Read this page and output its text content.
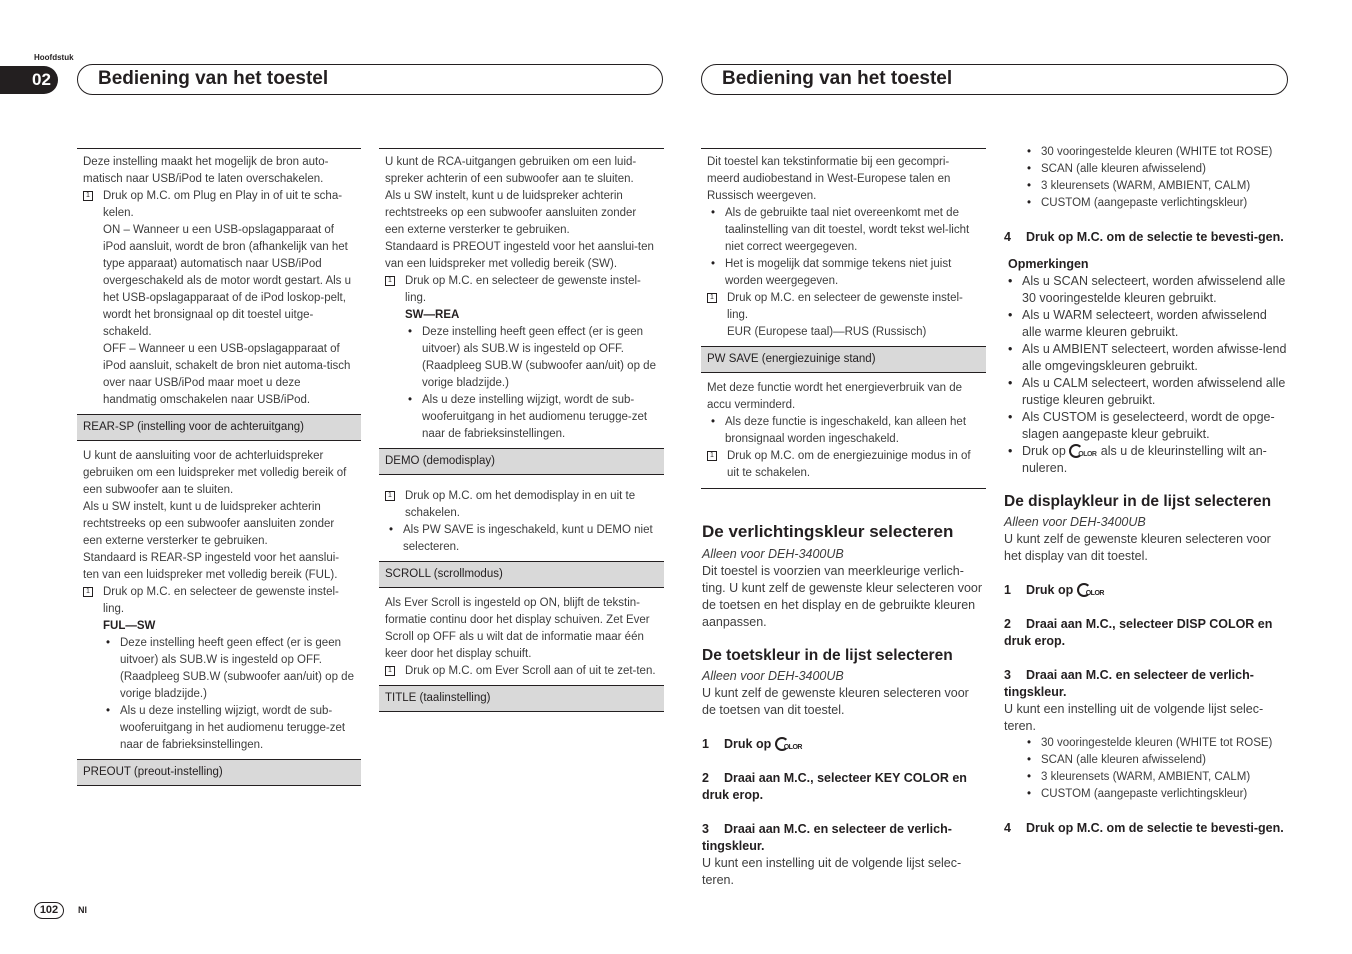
Hoofdstuk
02	Bediening van het toestel	Bediening van het toestel
Deze instelling maakt het mogelijk de bron auto-matisch naar USB/iPod te laten overschakelen.
1 Druk op M.C. om Plug en Play in of uit te scha-kelen.
ON – Wanneer u een USB-opslagapparaat of iPod aansluit, wordt de bron (afhankelijk van het type apparaat) automatisch naar USB/iPod overgeschakeld als de motor wordt gestart. Als u het USB-opslagapparaat of de iPod loskop-pelt, wordt het bronsignaal op dit toestel uitge-schakeld.
OFF – Wanneer u een USB-opslagapparaat of iPod aansluit, schakelt de bron niet automa-tisch over naar USB/iPod maar moet u deze handmatig omschakelen naar USB/iPod.
REAR-SP (instelling voor de achteruitgang)
U kunt de aansluiting voor de achterluidspreker gebruiken om een luidspreker met volledig bereik of een subwoofer aan te sluiten.
Als u SW instelt, kunt u de luidspreker achterin rechtstreeks op een subwoofer aansluiten zonder een externe versterker te gebruiken.
Standaard is REAR-SP ingesteld voor het aanslui-ten van een luidspreker met volledig bereik (FUL).
1 Druk op M.C. en selecteer de gewenste instel-ling.
FUL—SW
• Deze instelling heeft geen effect (er is geen uitvoer) als SUB.W is ingesteld op OFF. (Raadpleeg SUB.W (subwoofer aan/uit) op de vorige bladzijde.)
• Als u deze instelling wijzigt, wordt de sub-wooferuitgang in het audiomenu terugge-zet naar de fabrieksinstellingen.
PREOUT (preout-instelling)
U kunt de RCA-uitgangen gebruiken om een luid-spreker achterin of een subwoofer aan te sluiten.
Als u SW instelt, kunt u de luidspreker achterin rechtstreeks op een subwoofer aansluiten zonder een externe versterker te gebruiken.
Standaard is PREOUT ingesteld voor het aanslui-ten van een luidspreker met volledig bereik (SW).
1 Druk op M.C. en selecteer de gewenste instel-ling.
SW—REA
• Deze instelling heeft geen effect (er is geen uitvoer) als SUB.W is ingesteld op OFF. (Raadpleeg SUB.W (subwoofer aan/uit) op de vorige bladzijde.)
• Als u deze instelling wijzigt, wordt de sub-wooferuitgang in het audiomenu terugge-zet naar de fabrieksinstellingen.
DEMO (demodisplay)
1 Druk op M.C. om het demodisplay in en uit te schakelen.
• Als PW SAVE is ingeschakeld, kunt u DEMO niet selecteren.
SCROLL (scrollmodus)
Als Ever Scroll is ingesteld op ON, blijft de tekstin-formatie continu door het display schuiven. Zet Ever Scroll op OFF als u wilt dat de informatie maar één keer door het display schuift.
1 Druk op M.C. om Ever Scroll aan of uit te zet-ten.
TITLE (taalinstelling)
Dit toestel kan tekstinformatie bij een gecompri-meerd audiobestand in West-Europese talen en Russisch weergeven.
• Als de gebruikte taal niet overeenkomt met de taalinstelling van dit toestel, wordt tekst wel-licht niet correct weergegeven.
• Het is mogelijk dat sommige tekens niet juist worden weergegeven.
1 Druk op M.C. en selecteer de gewenste instel-ling.
EUR (Europese taal)—RUS (Russisch)
PW SAVE (energiezuinige stand)
Met deze functie wordt het energieverbruik van de accu verminderd.
• Als deze functie is ingeschakeld, kan alleen het bronsignaal worden ingeschakeld.
1 Druk op M.C. om de energiezuinige modus in of uit te schakelen.
De verlichtingskleur selecteren
Alleen voor DEH-3400UB
Dit toestel is voorzien van meerkleurige verlich-ting. U kunt zelf de gewenste kleur selecteren voor de toetsen en het display en de gebruikte kleuren aanpassen.
De toetskleur in de lijst selecteren
Alleen voor DEH-3400UB
U kunt zelf de gewenste kleuren selecteren voor de toetsen van dit toestel.
1 Druk op OLOR
2 Draai aan M.C., selecteer KEY COLOR en druk erop.
3 Draai aan M.C. en selecteer de verlich-tingskleur.
U kunt een instelling uit de volgende lijst selec-teren.
• 30 vooringestelde kleuren (WHITE tot ROSE)
• SCAN (alle kleuren afwisselend)
• 3 kleurensets (WARM, AMBIENT, CALM)
• CUSTOM (aangepaste verlichtingskleur)
4 Druk op M.C. om de selectie te bevesti-gen.
Opmerkingen
• Als u SCAN selecteert, worden afwisselend alle 30 vooringestelde kleuren gebruikt.
• Als u WARM selecteert, worden afwisselend alle warme kleuren gebruikt.
• Als u AMBIENT selecteert, worden afwisse-lend alle omgevingskleuren gebruikt.
• Als u CALM selecteert, worden afwisselend alle rustige kleuren gebruikt.
• Als CUSTOM is geselecteerd, wordt de opge-slagen aangepaste kleur gebruikt.
• Druk op OLOR als u de kleurinstelling wilt an-nuleren.
De displaykleur in de lijst selecteren
Alleen voor DEH-3400UB
U kunt zelf de gewenste kleuren selecteren voor het display van dit toestel.
1 Druk op OLOR
2 Draai aan M.C., selecteer DISP COLOR en druk erop.
3 Draai aan M.C. en selecteer de verlich-tingskleur.
U kunt een instelling uit de volgende lijst selec-teren.
• 30 vooringestelde kleuren (WHITE tot ROSE)
• SCAN (alle kleuren afwisselend)
• 3 kleurensets (WARM, AMBIENT, CALM)
• CUSTOM (aangepaste verlichtingskleur)
4 Druk op M.C. om de selectie te bevesti-gen.
102	Nl
